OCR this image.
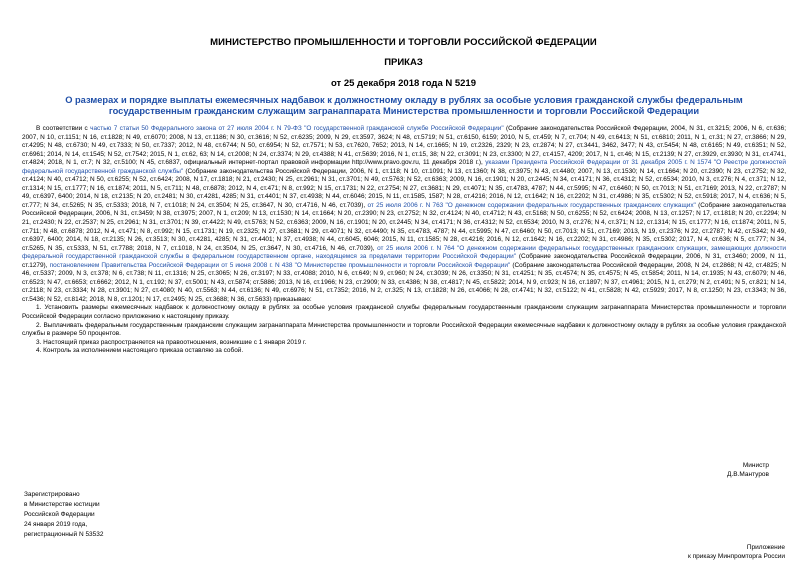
МИНИСТЕРСТВО ПРОМЫШЛЕННОСТИ И ТОРГОВЛИ РОССИЙСКОЙ ФЕДЕРАЦИИ
ПРИКАЗ
от 25 декабря 2018 года N 5219
О размерах и порядке выплаты ежемесячных надбавок к должностному окладу в рублях за особые условия гражданской службы федеральным государственным гражданским служащим загранаппарата Министерства промышленности и торговли Российской Федерации

В соответствии с частью 7 статьи 50 Федерального закона от 27 июля 2004 г. N 79-ФЗ "О государственной гражданской службе Российской Федерации" (Собрание законодательства Российской Федерации, 2004, N 31, ст.3215; 2006, N 6, ст.636; 2007, N 10, ст.1151; N 16, ст.1828; N 49, ст.6070; 2008, N 13, ст.1186; N 30, ст.3616; N 52, ст.6235; 2009, N 29, ст.3597, 3624; N 48, ст.5719; N 51, ст.6150, 6159; 2010, N 5, ст.459; N 7, ст.704; N 49, ст.6413; N 51, ст.6810; 2011, N 1, ст.31; N 27, ст.3866; N 29, ст.4295; N 48, ст.6730; N 49, ст.7333; N 50, ст.7337; 2012, N 48, ст.6744; N 50, ст.6954; N 52, ст.7571; N 53, ст.7620, 7652; 2013, N 14, ст.1665; N 19, ст.2326, 2329; N 23, ст.2874; N 27, ст.3441, 3462, 3477; N 43, ст.5454; N 48, ст.6165; N 49, ст.6351; N 52, ст.6961; 2014, N 14, ст.1545; N 52, ст.7542; 2015, N 1, ст.62, 63; N 14, ст.2008; N 24, ст.3374; N 29, ст.4388; N 41, ст.5639; 2016, N 1, ст.15, 38; N 22, ст.3091; N 23, ст.3300; N 27, ст.4157, 4209; 2017, N 1, ст.46; N 15, ст.2139; N 27, ст.3929, ст.3930; N 31, ст.4741, ст.4824; 2018, N 1, ст.7; N 32, ст.5100; N 45, ст.6837, официальный интернет-портал правовой информации http://www.pravo.gov.ru, 11 декабря 2018 г.), указами Президента Российской Федерации от 31 декабря 2005 г. N 1574 "О Реестре должностей федеральной государственной гражданской службы" (Собрание законодательства Российской Федерации, 2006, N 1, ст.118; N 10, ст.1091; N 13, ст.1360; N 38, ст.3975; N 43, ст.4480; 2007, N 13, ст.1530; N 14, ст.1664; N 20, ст.2390; N 23, ст.2752; N 32, ст.4124; N 40, ст.4712; N 50, ст.6255; N 52, ст.6424; 2008, N 17, ст.1818; N 21, ст.2430; N 25, ст.2961; N 31, ст.3701; N 49, ст.5763; N 52, ст.6363; 2009, N 16, ст.1901; N 20, ст.2445; N 34, ст.4171; N 36, ст.4312; N 52, ст.6534; 2010, N 3, ст.276; N 4, ст.371; N 12, ст.1314; N 15, ст.1777; N 16, ст.1874; 2011, N 5, ст.711; N 48, ст.6878; 2012, N 4, ст.471; N 8, ст.992; N 15, ст.1731; N 22, ст.2754; N 27, ст.3681; N 29, ст.4071; N 35, ст.4783, 4787; N 44, ст.5995; N 47, ст.6460; N 50, ст.7013; N 51, ст.7169; 2013, N 22, ст.2787; N 49, ст.6397, 6400; 2014, N 18, ст.2135; N 20, ст.2481; N 30, ст.4281, 4285; N 31, ст.4401; N 37, ст.4938; N 44, ст.6046; 2015, N 11, ст.1585, 1587; N 28, ст.4216; 2016, N 12, ст.1642; N 16, ст.2202; N 31, ст.4986; N 35, ст.5302; N 52, ст.5918; 2017, N 4, ст.636; N 5, ст.777; N 34, ст.5265; N 35, ст.5333; 2018, N 7, ст.1018; N 24, ст.3504; N 25, ст.3647, N 30, ст.4716, N 46, ст.7039), от 25 июля 2006 г. N 763 "О денежном содержании федеральных государственных гражданских служащих" (Собрание законодательства Российской Федерации, 2006, N 31, ст.3459; N 38, ст.3975; 2007, N 1, ст.209; N 13, ст.1530; N 14, ст.1664; N 20, ст.2390; N 23, ст.2752; N 32, ст.4124; N 40, ст.4712; N 43, ст.5168; N 50, ст.6255; N 52, ст.6424; 2008, N 13, ст.1257; N 17, ст.1818; N 20, ст.2294; N 21, ст.2430; N 22, ст.2537; N 25, ст.2961; N 31, ст.3701; N 39, ст.4422; N 49, ст.5763; N 52, ст.6363; 2009, N 16, ст.1901; N 20, ст.2445; N 34, ст.4171; N 36, ст.4312; N 52, ст.6534; 2010, N 3, ст.276; N 4, ст.371; N 12, ст.1314; N 15, ст.1777; N 16, ст.1874; 2011, N 5, ст.711; N 48, ст.6878; 2012, N 4, ст.471; N 8, ст.992; N 15, ст.1731; N 19, ст.2325; N 27, ст.3681; N 29, ст.4071; N 32, ст.4490; N 35, ст.4783, 4787; N 44, ст.5995; N 47, ст.6460; N 50, ст.7013; N 51, ст.7169; 2013, N 19, ст.2376; N 22, ст.2787; N 42, ст.5342; N 49, ст.6397, 6400; 2014, N 18, ст.2135; N 26, ст.3513; N 30, ст.4281, 4285; N 31, ст.4401; N 37, ст.4938; N 44, ст.6045, 6046; 2015, N 11, ст.1585; N 28, ст.4216; 2016, N 12, ст.1642; N 16, ст.2202; N 31, ст.4986; N 35, ст.5302; 2017, N 4, ст.636; N 5, ст.777; N 34, ст.5265, N 35, ст.5333, N 51, ст.7788; 2018, N 7, ст.1018, N 24, ст.3504, N 25, ст.3647, N 30, ст.4716, N 46, ст.7039), от 25 июля 2006 г. N 764 "О денежном содержании федеральных государственных гражданских служащих, замещающих должности федеральной государственной гражданской службы в федеральном государственном органе, находящемся за пределами территории Российской Федерации" (Собрание законодательства Российской Федерации, 2006, N 31, ст.3460; 2009, N 11, ст.1279), постановлением Правительства Российской Федерации от 5 июня 2008 г. N 438 "О Министерстве промышленности и торговли Российской Федерации" (Собрание законодательства Российской Федерации, 2008, N 24, ст.2868; N 42, ст.4825; N 46, ст.5337; 2009, N 3, ст.378; N 6, ст.738; N 11, ст.1316; N 25, ст.3065; N 26, ст.3197; N 33, ст.4088; 2010, N 6, ст.649; N 9, ст.960; N 24, ст.3039; N 26, ст.3350; N 31, ст.4251; N 35, ст.4574; N 35, ст.4575; N 45, ст.5854; 2011, N 14, ст.1935; N 43, ст.6079; N 46, ст.6523; N 47, ст.6653; ст.6662; 2012, N 1, ст.192; N 37, ст.5001; N 43, ст.5874; ст.5886; 2013, N 16, ст.1966; N 23, ст.2909; N 33, ст.4386; N 38, ст.4817; N 45, ст.5822; 2014, N 9, ст.923; N 16, ст.1897; N 37, ст.4961; 2015, N 1, ст.279; N 2, ст.491; N 5, ст.821; N 14, ст.2118; N 23, ст.3334; N 28, ст.3901; N 27, ст.4080; N 40, ст.5563; N 44, ст.6136; N 49, ст.6976; N 51, ст.7352; 2016, N 2, ст.325; N 13, ст.1828; N 26, ст.4066; N 28, ст.4741; N 32, ст.5122; N 41, ст.5828; N 42, ст.5929; 2017, N 8, ст.1250; N 23, ст.3343; N 36, ст.5436; N 52, ст.8142; 2018, N 8, ст.1201; N 17, ст.2495; N 25, ст.3688; N 36, ст.5633) приказываю:

1. Установить размеры ежемесячных надбавок к должностному окладу в рублях за особые условия гражданской службы федеральным государственным гражданским служащим загранаппарата Министерства промышленности и торговли Российской Федерации согласно приложению к настоящему приказу.

2. Выплачивать федеральным государственным гражданским служащим загранаппарата Министерства промышленности и торговли Российской Федерации ежемесячные надбавки к должностному окладу в рублях за особые условия гражданской службы в размере 50 процентов.

3. Настоящий приказ распространяется на правоотношения, возникшие с 1 января 2019 г.

4. Контроль за исполнением настоящего приказа оставляю за собой.

Министр
Д.В.Мантуров
Зарегистрировано
в Министерстве юстиции
Российской Федерации
24 января 2019 года,
регистрационный N 53532
Приложение
к приказу Минпромторга России
